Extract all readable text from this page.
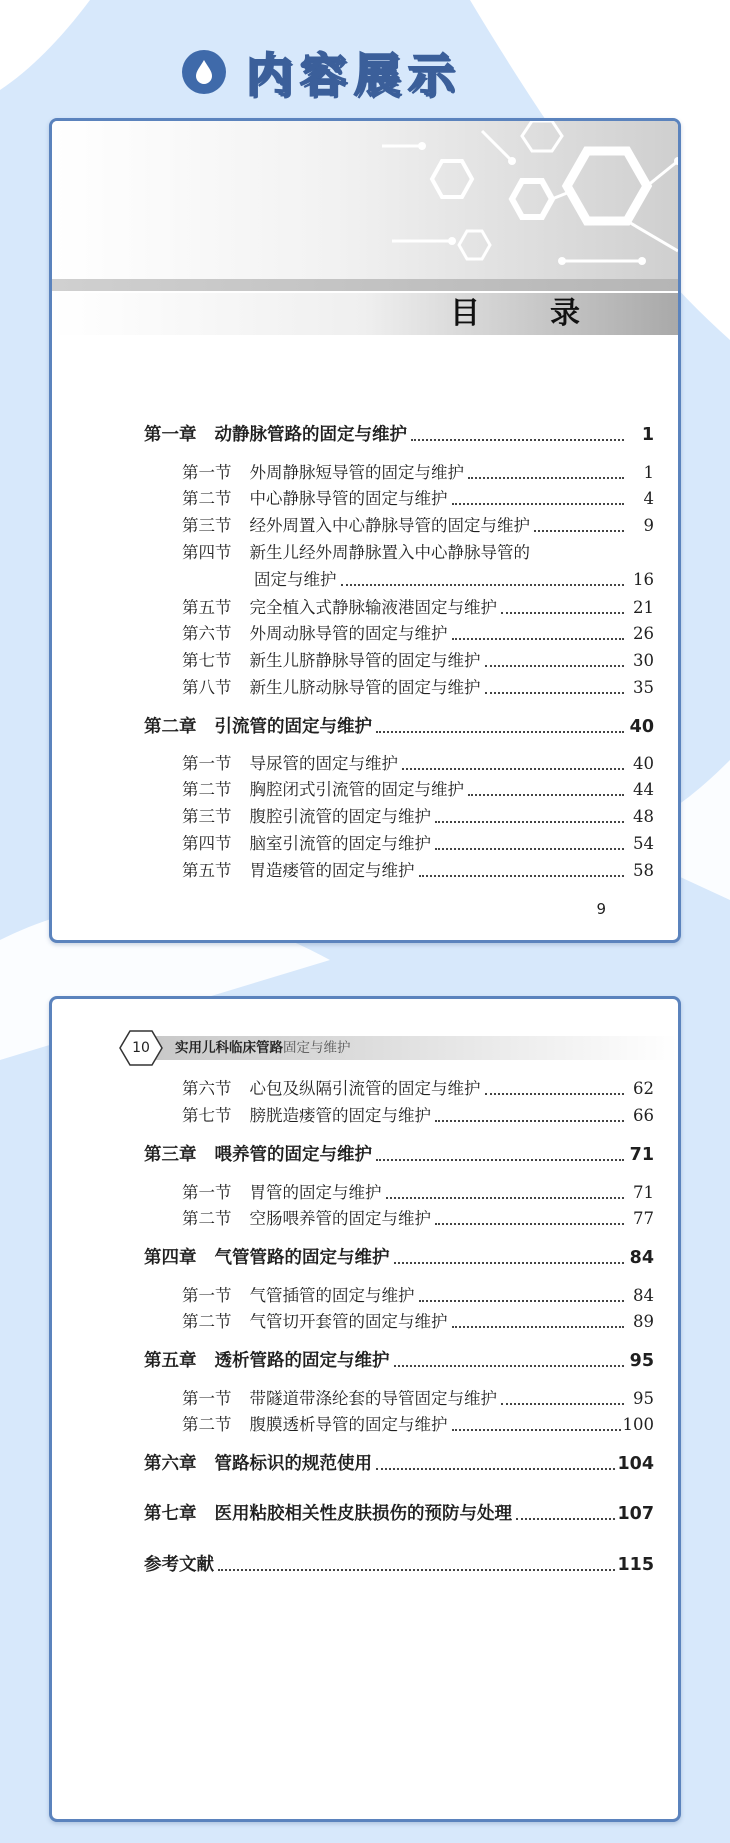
内容展示
目　录
第一章 动静脉管路的固定与维护	1
第一节 外周静脉短导管的固定与维护	1
第二节 中心静脉导管的固定与维护	4
第三节 经外周置入中心静脉导管的固定与维护	9
第四节 新生儿经外周静脉置入中心静脉导管的
固定与维护	16
第五节 完全植入式静脉输液港固定与维护	21
第六节 外周动脉导管的固定与维护	26
第七节 新生儿脐静脉导管的固定与维护	30
第八节 新生儿脐动脉导管的固定与维护	35
第二章 引流管的固定与维护	40
第一节 导尿管的固定与维护	40
第二节 胸腔闭式引流管的固定与维护	44
第三节 腹腔引流管的固定与维护	48
第四节 脑室引流管的固定与维护	54
第五节 胃造瘘管的固定与维护	58
9
10	实用儿科临床管路固定与维护
第六节 心包及纵隔引流管的固定与维护	62
第七节 膀胱造瘘管的固定与维护	66
第三章 喂养管的固定与维护	71
第一节 胃管的固定与维护	71
第二节 空肠喂养管的固定与维护	77
第四章 气管管路的固定与维护	84
第一节 气管插管的固定与维护	84
第二节 气管切开套管的固定与维护	89
第五章 透析管路的固定与维护	95
第一节 带隧道带涤纶套的导管固定与维护	95
第二节 腹膜透析导管的固定与维护	100
第六章 管路标识的规范使用	104
第七章 医用粘胶相关性皮肤损伤的预防与处理	107
参考文献	115
